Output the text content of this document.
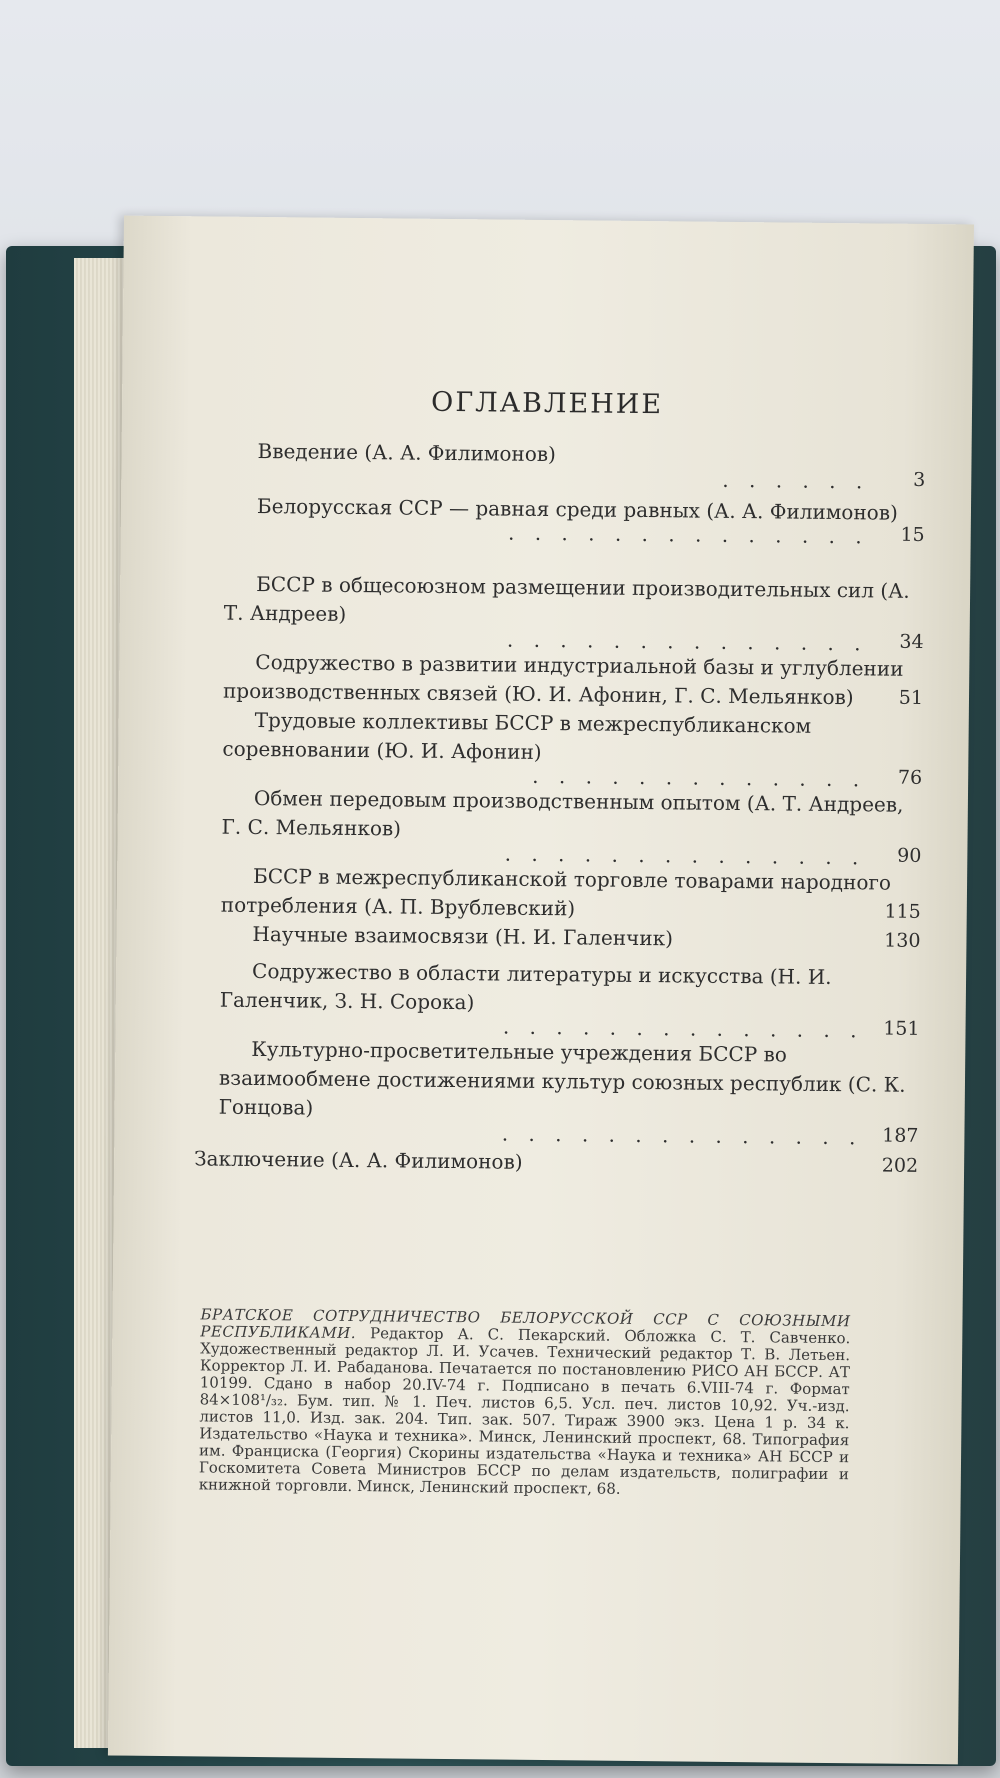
ОГЛАВЛЕНИЕ
Введение (А. А. Филимонов)
. . . . . .	3
Белорусская ССР — равная среди равных (А. А. Филимонов)
. . . . . . . . . . . . . .	15
БССР в общесоюзном размещении производительных сил (А. Т. Андреев)
. . . . . . . . . . . . . .	34
Содружество в развитии индустриальной базы и углублении производственных связей (Ю. И. Афонин, Г. С. Мельянков)	51
Трудовые коллективы БССР в межреспубликанском соревновании (Ю. И. Афонин)
. . . . . . . . . . . . .	76
Обмен передовым производственным опытом (А. Т. Андреев, Г. С. Мельянков)
. . . . . . . . . . . . . .	90
БССР в межреспубликанской торговле товарами народного потребления (А. П. Врублевский)	115
Научные взаимосвязи (Н. И. Галенчик)	130
Содружество в области литературы и искусства (Н. И. Галенчик, З. Н. Сорока)
. . . . . . . . . . . . . .	151
Культурно-просветительные учреждения БССР во взаимообмене достижениями культур союзных республик (С. К. Гонцова)
. . . . . . . . . . . . . .	187
Заключение (А. А. Филимонов)	202
БРАТСКОЕ СОТРУДНИЧЕСТВО БЕЛОРУССКОЙ ССР С СОЮЗНЫМИ РЕСПУБЛИКАМИ. Редактор А. С. Пекарский. Обложка С. Т. Савченко. Художественный редактор Л. И. Усачев. Технический редактор Т. В. Летьен. Корректор Л. И. Рабаданова. Печатается по постановлению РИСО АН БССР. АТ 10199. Сдано в набор 20.IV-74 г. Подписано в печать 6.VIII-74 г. Формат 84×108¹/₃₂. Бум. тип. № 1. Печ. листов 6,5. Усл. печ. листов 10,92. Уч.-изд. листов 11,0. Изд. зак. 204. Тип. зак. 507. Тираж 3900 экз. Цена 1 р. 34 к. Издательство «Наука и техника». Минск, Ленинский проспект, 68. Типография им. Франциска (Георгия) Скорины издательства «Наука и техника» АН БССР и Госкомитета Совета Министров БССР по делам издательств, полиграфии и книжной торговли. Минск, Ленинский проспект, 68.
